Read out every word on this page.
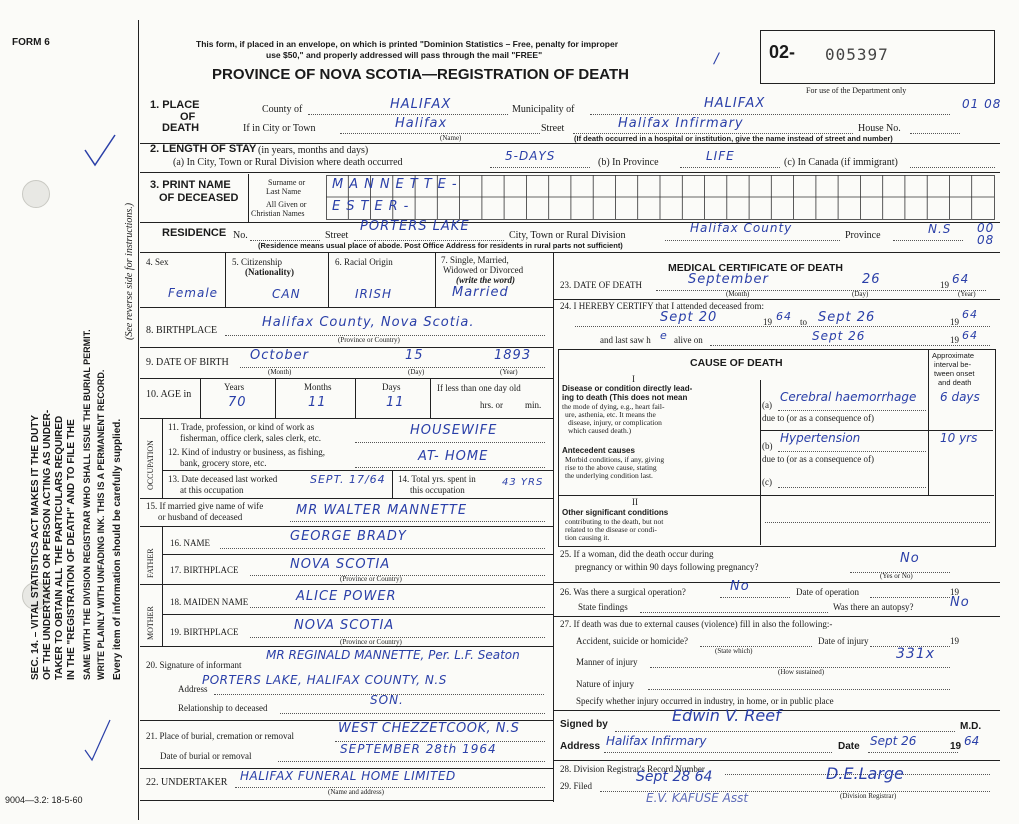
FORM 6
9004—3.2: 18-5-60
SEC. 14. – VITAL STATISTICS ACT MAKES IT THE DUTY OF THE UNDERTAKER OR PERSON ACTING AS UNDER- TAKER TO OBTAIN ALL THE PARTICULARS REQUIRED IN THE "REGISTRATION OF DEATH" AND TO FILE THE SAME WITH THE DIVISION REGISTRAR WHO SHALL ISSUE THE BURIAL PERMIT. WRITE PLAINLY WITH UNFADING INK. THIS IS A PERMANENT RECORD. Every item of information should be carefully supplied.
(See reverse side for instructions.)
This form, if placed in an envelope, on which is printed "Dominion Statistics – Free, penalty for improper
use $50," and properly addressed will pass through the mail "FREE"
PROVINCE OF NOVA SCOTIA—REGISTRATION OF DEATH
02- 005397
For use of the Department only
/
1. PLACE
OF
DEATH
County of	HALIFAX	Municipality of	HALIFAX	01 08
If in City or Town	Halifax	Street	Halifax Infirmary	House No.
(Name)	(If death occurred in a hospital or institution, give the name instead of street and number)
2. LENGTH OF STAY (in years, months and days)
(a) In City, Town or Rural Division where death occurred	5-DAYS	(b) In Province	LIFE	(c) In Canada (if immigrant)
3. PRINT NAME
OF DECEASED
Surname or
Last Name
All Given or
Christian Names
MANNETTE-
ESTER-
RESIDENCE No.	Street
PORTERS LAKE
City, Town or Rural Division
Halifax County
Province	N.S 00 08
(Residence means usual place of abode. Post Office Address for residents in rural parts not sufficient)
4. Sex
Female
5. Citizenship
(Nationality)
CAN
6. Racial Origin
IRISH
7. Single, Married,
Widowed or Divorced
(write the word)
Married
8. BIRTHPLACE
Halifax County, Nova Scotia.
(Province or Country)
9. DATE OF BIRTH October	15	1893
(Month)	(Day)	(Year)
10. AGE in
Years	Months	Days
70	11	11
If less than one day old
hrs. or min.
OCCUPATION
11. Trade, profession, or kind of work as
fisherman, office clerk, sales clerk, etc.	HOUSEWIFE
12. Kind of industry or business, as fishing,
bank, grocery store, etc.	AT- HOME
13. Date deceased last worked
at this occupation
SEPT. 17/64 14. Total yrs. spent in
this occupation
43 YRS
15. If married give name of wife
or husband of deceased	MR WALTER MANNETTE
FATHER
16. NAME	GEORGE BRADY
17. BIRTHPLACE	NOVA SCOTIA
(Province or Country)
MOTHER
18. MAIDEN NAME	ALICE POWER
19. BIRTHPLACE	NOVA SCOTIA
(Province or Country)
20. Signature of informant
MR REGINALD MANNETTE, Per. L.F. Seaton
Address
PORTERS LAKE, HALIFAX COUNTY, N.S
Relationship to deceased
SON.
21. Place of burial, cremation or removal	WEST CHEZZETCOOK, N.S
Date of burial or removal	SEPTEMBER 28th 1964
22. UNDERTAKER HALIFAX FUNERAL HOME LIMITED
(Name and address)
MEDICAL CERTIFICATE OF DEATH
23. DATE OF DEATH	September	26	19 64
(Month)	(Day)	(Year)
24. I HEREBY CERTIFY that I attended deceased from:
Sept 20	19 64 to Sept 26	19
64
and last saw h e alive on	Sept 26	19 64
CAUSE OF DEATH
Approximate
interval be-
tween onset
and death
I
Disease or condition directly lead-
ing to death (This does not mean
the mode of dying, e.g., heart fail-
ure, asthenia, etc. It means the
disease, injury, or complication
which caused death.)
(a)
Cerebral haemorrhage 6 days
due to (or as a consequence of)
Antecedent causes
Morbid conditions, if any, giving
rise to the above cause, stating
the underlying condition last.
(b)
Hypertension	10 yrs
due to (or as a consequence of)
(c)
II
Other significant conditions
contributing to the death, but not
related to the disease or condi-
tion causing it.
25. If a woman, did the death occur during
pregnancy or within 90 days following pregnancy?
No
(Yes or No)
26. Was there a surgical operation?	No	Date of operation	19
State findings	Was there an autopsy?	No
27. If death was due to external causes (violence) fill in also the following:-
Accident, suicide or homicide?	Date of injury	19
(State which)
Manner of injury	331x
(How sustained)
Nature of injury
Specify whether injury occurred in industry, in home, or in public place
Signed by	Edwin V. Reef
M.D.
Address Halifax Infirmary	Date Sept 26	19 64
28. Division Registrar's Record Number
29. Filed
Sept 28 64	D.E.Large
(Division Registrar)
E.V. KAFUSE Asst
